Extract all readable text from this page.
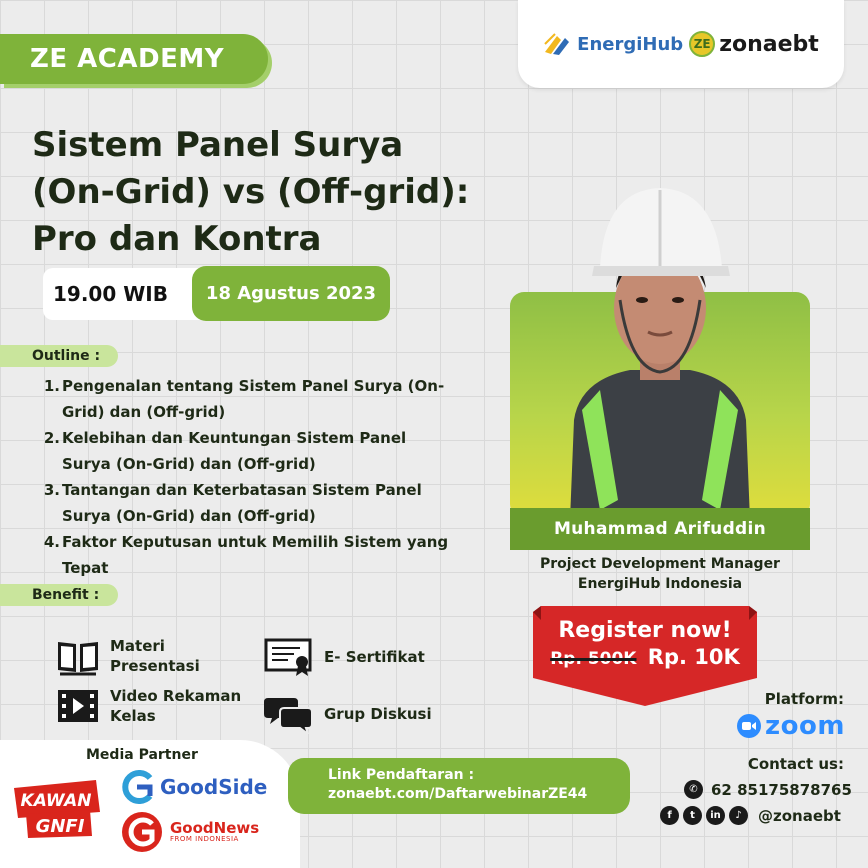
ZE ACADEMY	EnergiHub ZE zonaebt
Sistem Panel Surya
(On-Grid) vs (Off-grid):
Pro dan Kontra
19.00 WIB	18 Agustus 2023
Outline :
1. Pengenalan tentang Sistem Panel Surya (On-Grid) dan (Off-grid)
2. Kelebihan dan Keuntungan Sistem Panel Surya (On-Grid) dan (Off-grid)
3. Tantangan dan Keterbatasan Sistem Panel Surya (On-Grid) dan (Off-grid)
4. Faktor Keputusan untuk Memilih Sistem yang Tepat
Benefit :
Materi Presentasi	E- Sertifikat
Video Rekaman Kelas	Grup Diskusi
Muhammad Arifuddin
Project Development Manager
EnergiHub Indonesia
Register now!
Rp. 500K Rp. 10K
Platform:
zoom
Contact us:
✆ 62 85175878765
f	t	in	♪	@zonaebt
Media Partner
KAWAN
GNFI
GoodSide
GoodNews
FROM INDONESIA
Link Pendaftaran :
zonaebt.com/DaftarwebinarZE44
